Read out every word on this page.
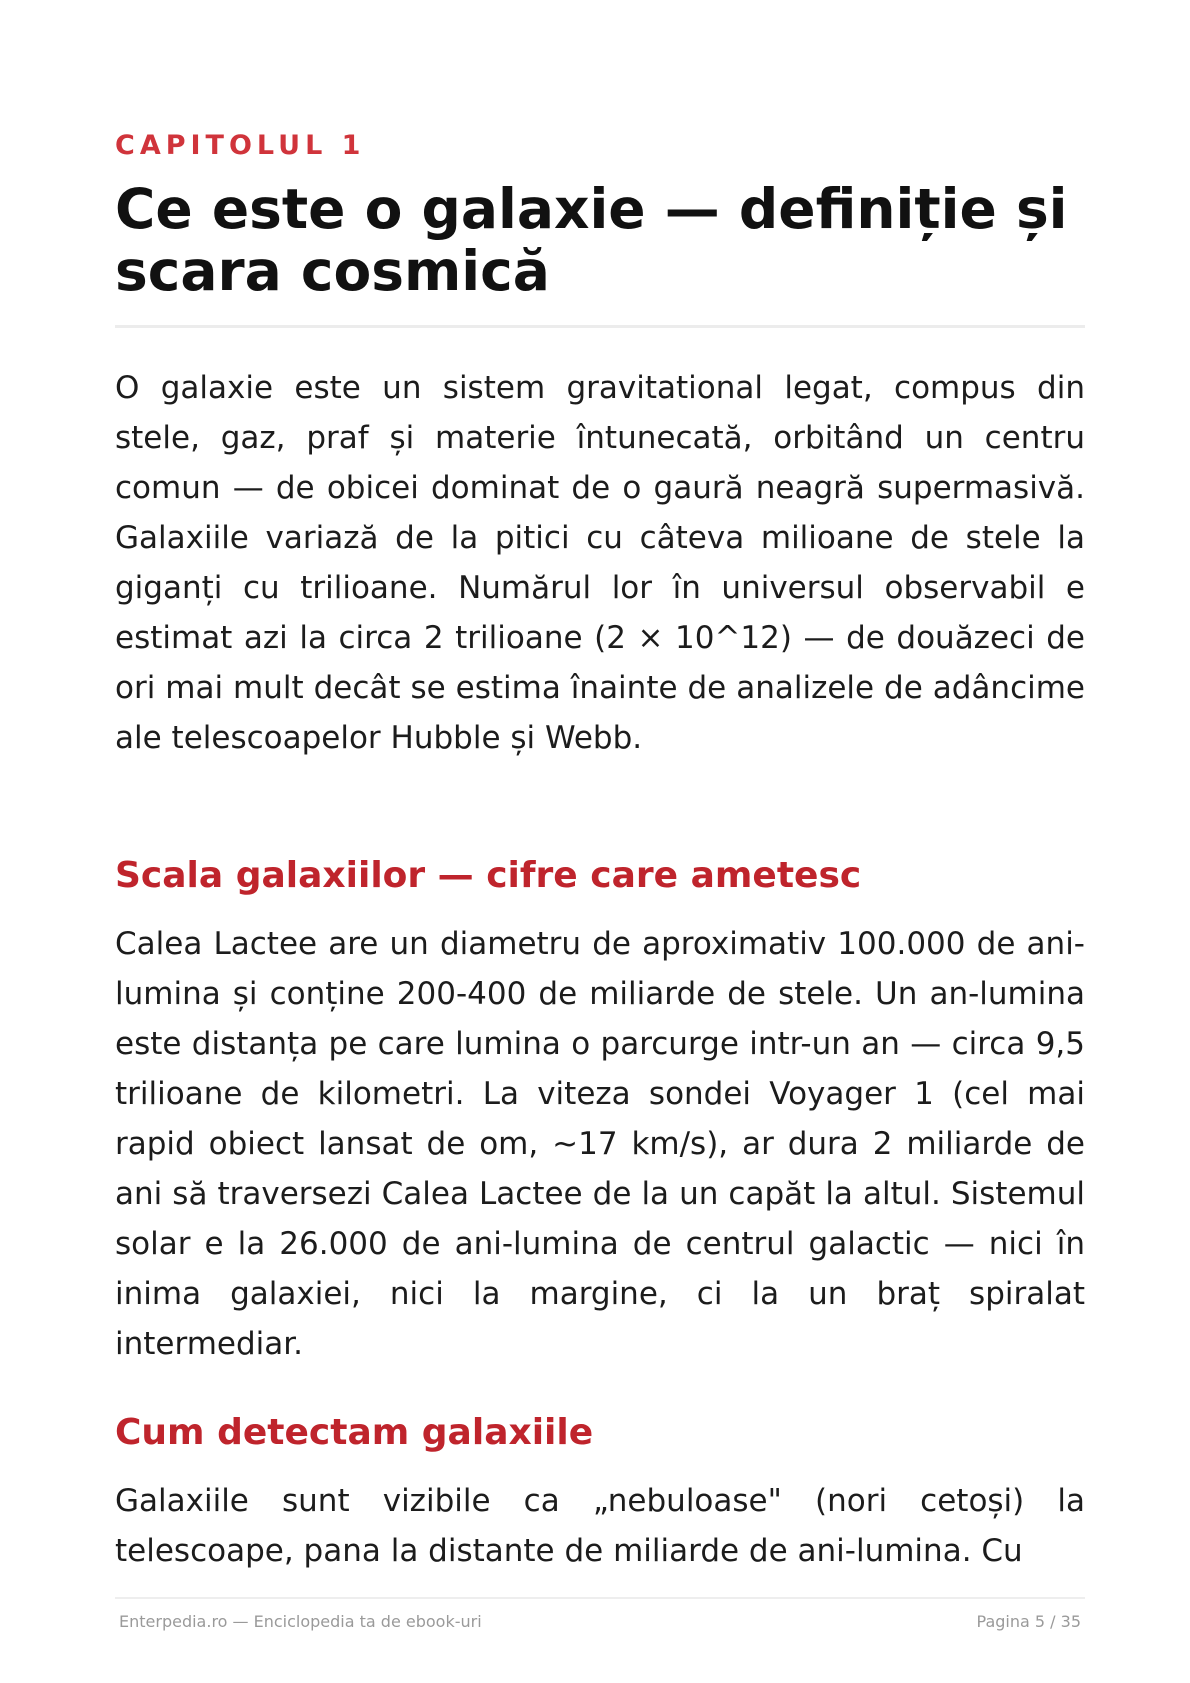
CAPITOLUL 1
Ce este o galaxie — definiție și scara cosmică

O galaxie este un sistem gravitational legat, compus din stele, gaz, praf și materie întunecată, orbitând un centru comun — de obicei dominat de o gaură neagră supermasivă. Galaxiile variază de la pitici cu câteva milioane de stele la giganți cu trilioane. Numărul lor în universul observabil e estimat azi la circa 2 trilioane (2 × 10^12) — de douăzeci de ori mai mult decât se estima înainte de analizele de adâncime ale telescoapelor Hubble și Webb.

Scala galaxiilor — cifre care ametesc

Calea Lactee are un diametru de aproximativ 100.000 de ani-lumina și conține 200-400 de miliarde de stele. Un an-lumina este distanța pe care lumina o parcurge intr-un an — circa 9,5 trilioane de kilometri. La viteza sondei Voyager 1 (cel mai rapid obiect lansat de om, ~17 km/s), ar dura 2 miliarde de ani să traversezi Calea Lactee de la un capăt la altul. Sistemul solar e la 26.000 de ani-lumina de centrul galactic — nici în inima galaxiei, nici la margine, ci la un braț spiralat intermediar.

Cum detectam galaxiile

Galaxiile sunt vizibile ca „nebuloase" (nori cetoși) la telescoape, pana la distante de miliarde de ani-lumina. Cu

Enterpedia.ro — Enciclopedia ta de ebook-uri	Pagina 5 / 35
